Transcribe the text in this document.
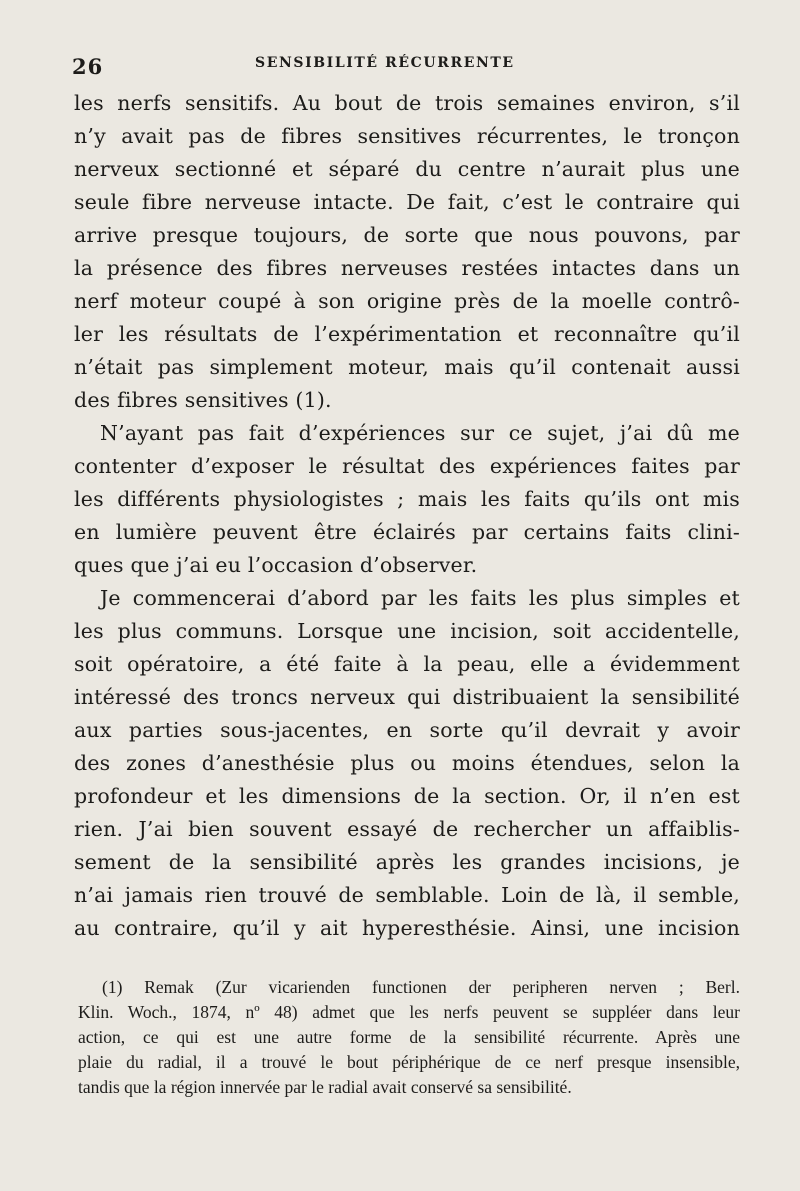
26	SENSIBILITÉ RÉCURRENTE
les nerfs sensitifs. Au bout de trois semaines environ, s’il
n’y avait pas de fibres sensitives récurrentes, le tronçon
nerveux sectionné et séparé du centre n’aurait plus une
seule fibre nerveuse intacte. De fait, c’est le contraire qui
arrive presque toujours, de sorte que nous pouvons, par
la présence des fibres nerveuses restées intactes dans un
nerf moteur coupé à son origine près de la moelle contrô-
ler les résultats de l’expérimentation et reconnaître qu’il
n’était pas simplement moteur, mais qu’il contenait aussi
des fibres sensitives (1).
N’ayant pas fait d’expériences sur ce sujet, j’ai dû me
contenter d’exposer le résultat des expériences faites par
les différents physiologistes ; mais les faits qu’ils ont mis
en lumière peuvent être éclairés par certains faits clini-
ques que j’ai eu l’occasion d’observer.
Je commencerai d’abord par les faits les plus simples et
les plus communs. Lorsque une incision, soit accidentelle,
soit opératoire, a été faite à la peau, elle a évidemment
intéressé des troncs nerveux qui distribuaient la sensibilité
aux parties sous-jacentes, en sorte qu’il devrait y avoir
des zones d’anesthésie plus ou moins étendues, selon la
profondeur et les dimensions de la section. Or, il n’en est
rien. J’ai bien souvent essayé de rechercher un affaiblis-
sement de la sensibilité après les grandes incisions, je
n’ai jamais rien trouvé de semblable. Loin de là, il semble,
au contraire, qu’il y ait hyperesthésie. Ainsi, une incision
(1) Remak (Zur vicarienden functionen der peripheren nerven ; Berl.
Klin. Woch., 1874, nº 48) admet que les nerfs peuvent se suppléer dans leur
action, ce qui est une autre forme de la sensibilité récurrente. Après une
plaie du radial, il a trouvé le bout périphérique de ce nerf presque insensible,
tandis que la région innervée par le radial avait conservé sa sensibilité.
